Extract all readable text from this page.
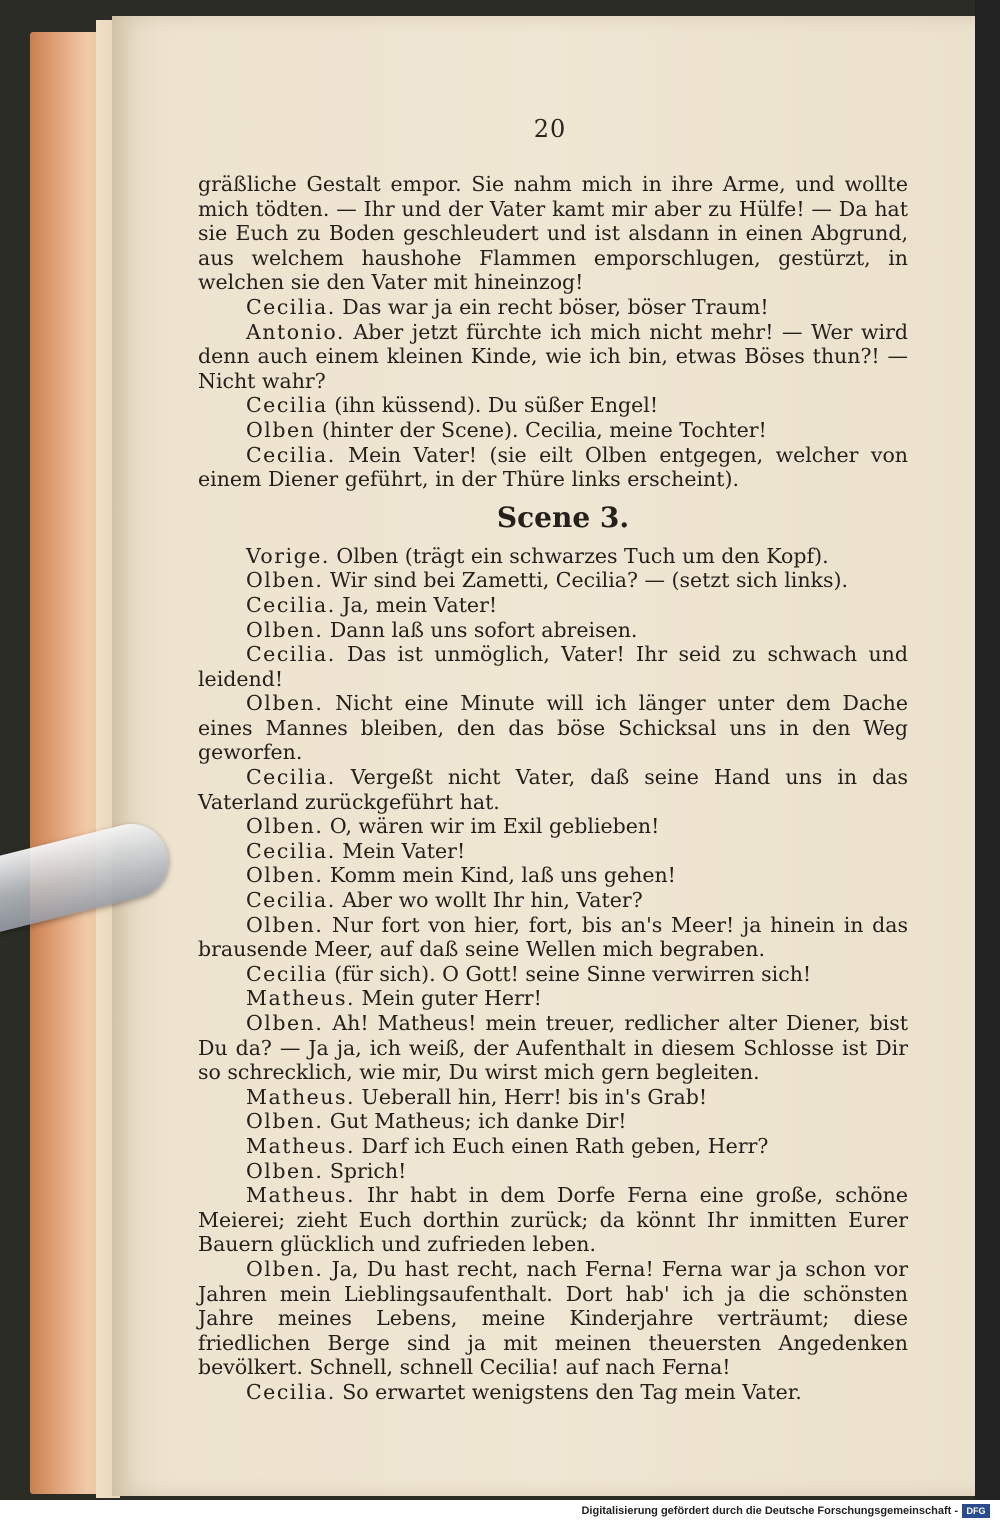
20

gräßliche Gestalt empor. Sie nahm mich in ihre Arme, und wollte mich tödten. — Ihr und der Vater kamt mir aber zu Hülfe! — Da hat sie Euch zu Boden geschleudert und ist alsdann in einen Abgrund, aus welchem haushohe Flammen emporschlugen, gestürzt, in welchen sie den Vater mit hineinzog!

Cecilia. Das war ja ein recht böser, böser Traum!

Antonio. Aber jetzt fürchte ich mich nicht mehr! — Wer wird denn auch einem kleinen Kinde, wie ich bin, etwas Böses thun?! — Nicht wahr?

Cecilia (ihn küssend). Du süßer Engel!

Olben (hinter der Scene). Cecilia, meine Tochter!

Cecilia. Mein Vater! (sie eilt Olben entgegen, welcher von einem Diener geführt, in der Thüre links erscheint).

Scene 3.

Vorige. Olben (trägt ein schwarzes Tuch um den Kopf).

Olben. Wir sind bei Zametti, Cecilia? — (setzt sich links).

Cecilia. Ja, mein Vater!

Olben. Dann laß uns sofort abreisen.

Cecilia. Das ist unmöglich, Vater! Ihr seid zu schwach und leidend!

Olben. Nicht eine Minute will ich länger unter dem Dache eines Mannes bleiben, den das böse Schicksal uns in den Weg geworfen.

Cecilia. Vergeßt nicht Vater, daß seine Hand uns in das Vaterland zurückgeführt hat.

Olben. O, wären wir im Exil geblieben!

Cecilia. Mein Vater!

Olben. Komm mein Kind, laß uns gehen!

Cecilia. Aber wo wollt Ihr hin, Vater?

Olben. Nur fort von hier, fort, bis an's Meer! ja hinein in das brausende Meer, auf daß seine Wellen mich begraben.

Cecilia (für sich). O Gott! seine Sinne verwirren sich!

Matheus. Mein guter Herr!

Olben. Ah! Matheus! mein treuer, redlicher alter Diener, bist Du da? — Ja ja, ich weiß, der Aufenthalt in diesem Schlosse ist Dir so schrecklich, wie mir, Du wirst mich gern begleiten.

Matheus. Ueberall hin, Herr! bis in's Grab!

Olben. Gut Matheus; ich danke Dir!

Matheus. Darf ich Euch einen Rath geben, Herr?

Olben. Sprich!

Matheus. Ihr habt in dem Dorfe Ferna eine große, schöne Meierei; zieht Euch dorthin zurück; da könnt Ihr inmitten Eurer Bauern glücklich und zufrieden leben.

Olben. Ja, Du hast recht, nach Ferna! Ferna war ja schon vor Jahren mein Lieblingsaufenthalt. Dort hab' ich ja die schönsten Jahre meines Lebens, meine Kinderjahre verträumt; diese friedlichen Berge sind ja mit meinen theuersten Angedenken bevölkert. Schnell, schnell Cecilia! auf nach Ferna!

Cecilia. So erwartet wenigstens den Tag mein Vater.

Digitalisierung gefördert durch die Deutsche Forschungsgemeinschaft - DFG
